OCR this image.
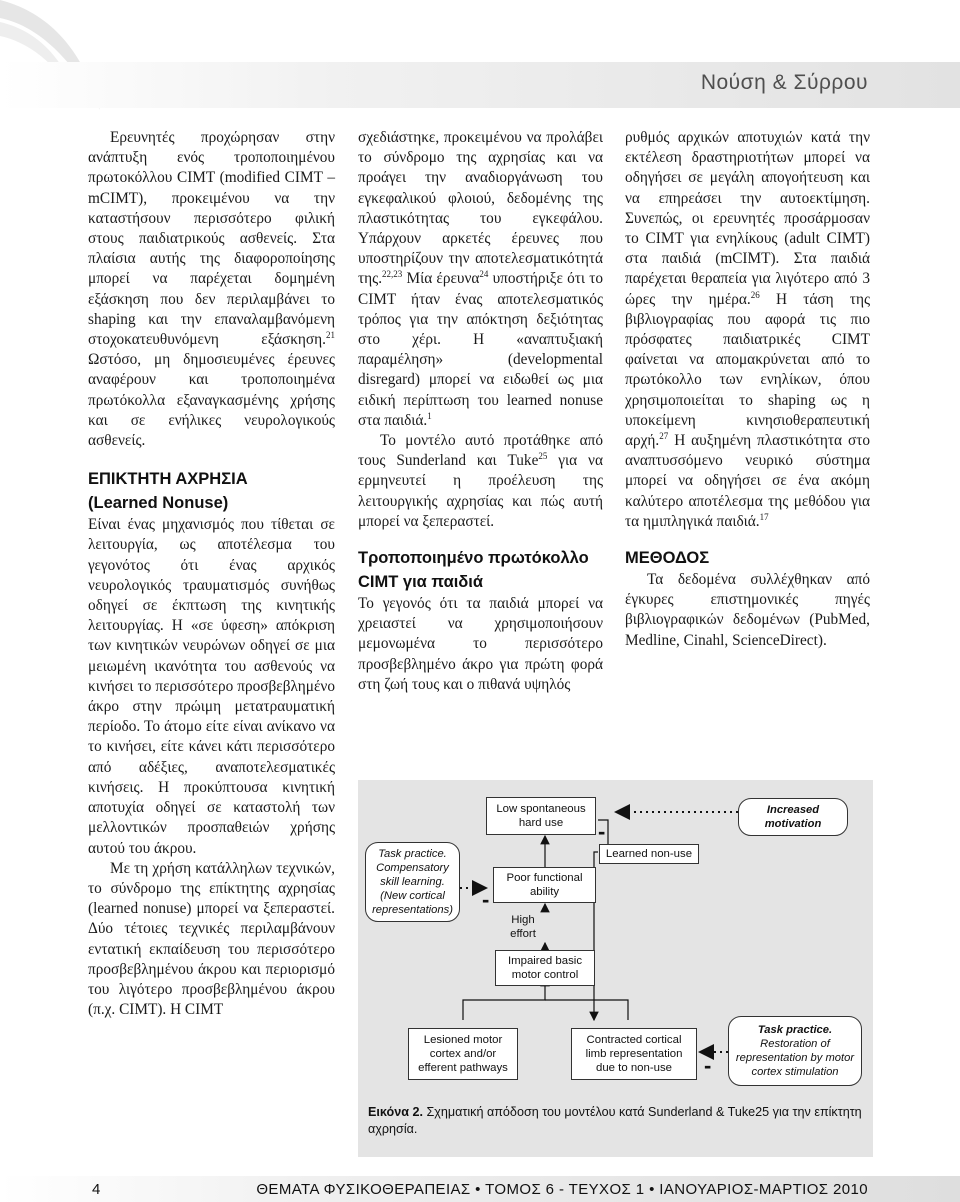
Νούση & Σύρρου

Ερευνητές προχώρησαν στην ανάπτυξη ενός τροποποιημένου πρωτοκόλλου CIMT (modified CIMT – mCIMT), προκειμένου να την καταστήσουν περισσότερο φιλική στους παιδιατρικούς ασθενείς. Στα πλαίσια αυτής της διαφοροποίησης μπορεί να παρέχεται δομημένη εξάσκηση που δεν περιλαμβάνει το shaping και την επαναλαμβανόμενη στοχοκατευθυνόμενη εξάσκηση.$^{21}$ Ωστόσο, μη δημοσιευμένες έρευνες αναφέρουν και τροποποιημένα πρωτόκολλα εξαναγκασμένης χρήσης και σε ενήλικες νευρολογικούς ασθενείς.

ΕΠΙΚΤΗΤΗ ΑΧΡΗΣΙΑ

(Learned Nonuse)

Είναι ένας μηχανισμός που τίθεται σε λειτουργία, ως αποτέλεσμα του γεγονότος ότι ένας αρχικός νευρολογικός τραυματισμός συνήθως οδηγεί σε έκπτωση της κινητικής λειτουργίας. Η «σε ύφεση» απόκριση των κινητικών νευρώνων οδηγεί σε μια μειωμένη ικανότητα του ασθενούς να κινήσει το περισσότερο προσβεβλημένο άκρο στην πρώιμη μετατραυματική περίοδο. Το άτομο είτε είναι ανίκανο να το κινήσει, είτε κάνει κάτι περισσότερο από αδέξιες, αναποτελεσματικές κινήσεις. Η προκύπτουσα κινητική αποτυχία οδηγεί σε καταστολή των μελλοντικών προσπαθειών χρήσης αυτού του άκρου.

Με τη χρήση κατάλληλων τεχνικών, το σύνδρομο της επίκτητης αχρησίας (learned nonuse) μπορεί να ξεπεραστεί. Δύο τέτοιες τεχνικές περιλαμβάνουν εντατική εκπαίδευση του περισσότερο προσβεβλημένου άκρου και περιορισμό του λιγότερο προσβεβλημένου άκρου (π.χ. CIMT). Η CIMT

σχεδιάστηκε, προκειμένου να προλάβει το σύνδρομο της αχρησίας και να προάγει την αναδιοργάνωση του εγκεφαλικού φλοιού, δεδομένης της πλαστικότητας του εγκεφάλου. Υπάρχουν αρκετές έρευνες που υποστηρίζουν την αποτελεσματικότητά της.$^{22,23}$ Μία έρευνα$^{24}$ υποστήριξε ότι το CIMT ήταν ένας αποτελεσματικός τρόπος για την απόκτηση δεξιότητας στο χέρι. Η «αναπτυξιακή παραμέληση» (developmental disregard) μπορεί να ειδωθεί ως μια ειδική περίπτωση του learned nonuse στα παιδιά.$^1$

Το μοντέλο αυτό προτάθηκε από τους Sunderland και Tuke$^{25}$ για να ερμηνευτεί η προέλευση της λειτουργικής αχρησίας και πώς αυτή μπορεί να ξεπεραστεί.

Τροποποιημένο πρωτόκολλο

CIMT για παιδιά

Το γεγονός ότι τα παιδιά μπορεί να χρειαστεί να χρησιμοποιήσουν μεμονωμένα το περισσότερο προσβεβλημένο άκρο για πρώτη φορά στη ζωή τους και ο πιθανά υψηλός

ρυθμός αρχικών αποτυχιών κατά την εκτέλεση δραστηριοτήτων μπορεί να οδηγήσει σε μεγάλη απογοήτευση και να επηρεάσει την αυτοεκτίμηση. Συνεπώς, οι ερευνητές προσάρμοσαν το CIMT για ενηλίκους (adult CIMT) στα παιδιά (mCIMT). Στα παιδιά παρέχεται θεραπεία για λιγότερο από 3 ώρες την ημέρα.$^{26}$ Η τάση της βιβλιογραφίας που αφορά τις πιο πρόσφατες παιδιατρικές CIMT φαίνεται να απομακρύνεται από το πρωτόκολλο των ενηλίκων, όπου χρησιμοποιείται το shaping ως η υποκείμενη κινησιοθεραπευτική αρχή.$^{27}$ Η αυξημένη πλαστικότητα στο αναπτυσσόμενο νευρικό σύστημα μπορεί να οδηγήσει σε ένα ακόμη καλύτερο αποτέλεσμα της μεθόδου για τα ημιπληγικά παιδιά.$^{17}$

ΜΕΘΟΔΟΣ

Τα δεδομένα συλλέχθηκαν από έγκυρες επιστημονικές πηγές βιβλιογραφικών δεδομένων (PubMed, Medline, Cinahl, ScienceDirect).

Low spontaneous hard use
Increased motivation
-
Learned non-use
Task practice. Compensatory skill learning. (New cortical representations)	-
Poor functional ability
High effort
Impaired basic motor control
Lesioned motor cortex and/or efferent pathways
Contracted cortical limb representation due to non-use	-
Task practice.
Restoration of representation by motor cortex stimulation
Εικόνα 2. Σχηματική απόδοση του μοντέλου κατά Sunderland & Tuke25 για την επίκτητη αχρησία.
4	ΘΕΜΑΤΑ ΦΥΣΙΚΟΘΕΡΑΠΕΙΑΣ • ΤΟΜΟΣ 6 - ΤΕΥΧΟΣ 1 • ΙΑΝΟΥΑΡΙΟΣ-ΜΑΡΤΙΟΣ 2010
